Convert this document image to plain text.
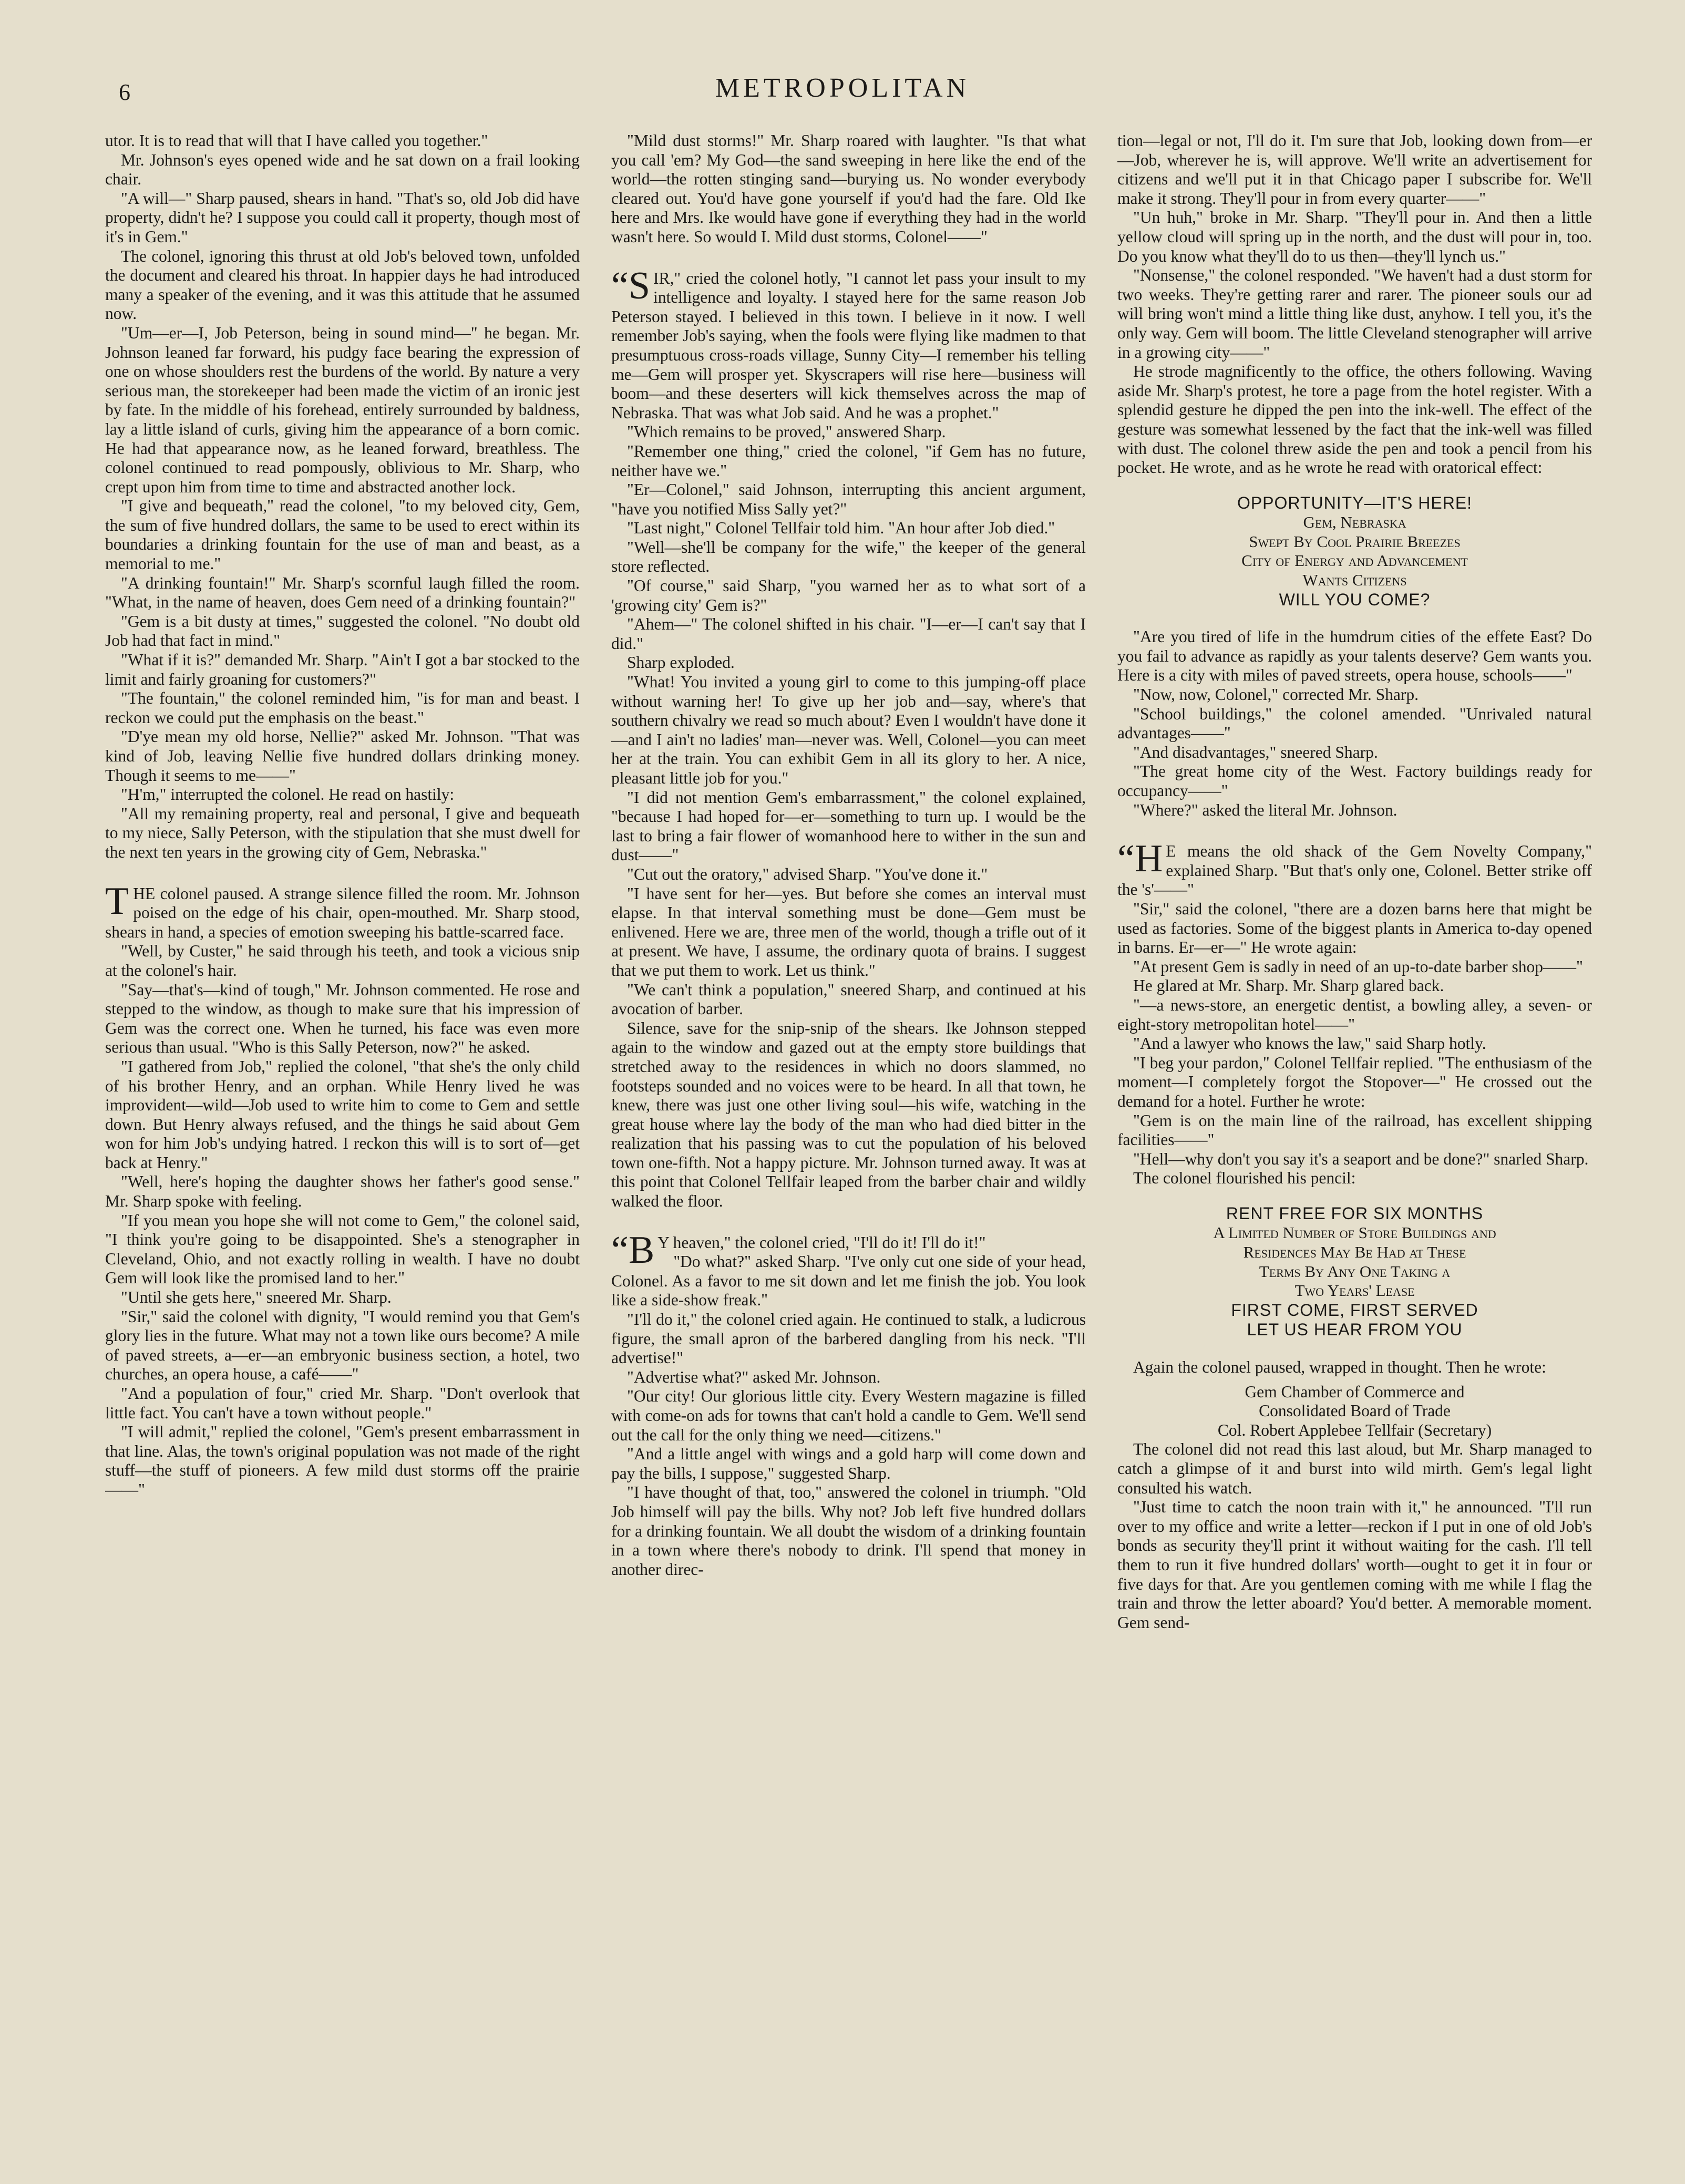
6	METROPOLITAN

utor. It is to read that will that I have called you together."

Mr. Johnson's eyes opened wide and he sat down on a frail looking chair.

"A will—" Sharp paused, shears in hand. "That's so, old Job did have property, didn't he? I suppose you could call it property, though most of it's in Gem."

The colonel, ignoring this thrust at old Job's beloved town, unfolded the document and cleared his throat. In happier days he had introduced many a speaker of the evening, and it was this attitude that he assumed now.

"Um—er—I, Job Peterson, being in sound mind—" he began. Mr. Johnson leaned far forward, his pudgy face bearing the expression of one on whose shoulders rest the burdens of the world. By nature a very serious man, the storekeeper had been made the victim of an ironic jest by fate. In the middle of his forehead, entirely surrounded by baldness, lay a little island of curls, giving him the appearance of a born comic. He had that appearance now, as he leaned forward, breathless. The colonel continued to read pompously, oblivious to Mr. Sharp, who crept upon him from time to time and abstracted another lock.

"I give and bequeath," read the colonel, "to my beloved city, Gem, the sum of five hundred dollars, the same to be used to erect within its boundaries a drinking fountain for the use of man and beast, as a memorial to me."

"A drinking fountain!" Mr. Sharp's scornful laugh filled the room. "What, in the name of heaven, does Gem need of a drinking fountain?"

"Gem is a bit dusty at times," suggested the colonel. "No doubt old Job had that fact in mind."

"What if it is?" demanded Mr. Sharp. "Ain't I got a bar stocked to the limit and fairly groaning for customers?"

"The fountain," the colonel reminded him, "is for man and beast. I reckon we could put the emphasis on the beast."

"D'ye mean my old horse, Nellie?" asked Mr. Johnson. "That was kind of Job, leaving Nellie five hundred dollars drinking money. Though it seems to me——"

"H'm," interrupted the colonel. He read on hastily:

"All my remaining property, real and personal, I give and bequeath to my niece, Sally Peterson, with the stipulation that she must dwell for the next ten years in the growing city of Gem, Nebraska."

THE colonel paused. A strange silence filled the room. Mr. Johnson poised on the edge of his chair, open-mouthed. Mr. Sharp stood, shears in hand, a species of emotion sweeping his battle-scarred face.

"Well, by Custer," he said through his teeth, and took a vicious snip at the colonel's hair.

"Say—that's—kind of tough," Mr. Johnson commented. He rose and stepped to the window, as though to make sure that his impression of Gem was the correct one. When he turned, his face was even more serious than usual. "Who is this Sally Peterson, now?" he asked.

"I gathered from Job," replied the colonel, "that she's the only child of his brother Henry, and an orphan. While Henry lived he was improvident—wild—Job used to write him to come to Gem and settle down. But Henry always refused, and the things he said about Gem won for him Job's undying hatred. I reckon this will is to sort of—get back at Henry."

"Well, here's hoping the daughter shows her father's good sense." Mr. Sharp spoke with feeling.

"If you mean you hope she will not come to Gem," the colonel said, "I think you're going to be disappointed. She's a stenographer in Cleveland, Ohio, and not exactly rolling in wealth. I have no doubt Gem will look like the promised land to her."

"Until she gets here," sneered Mr. Sharp.

"Sir," said the colonel with dignity, "I would remind you that Gem's glory lies in the future. What may not a town like ours become? A mile of paved streets, a—er—an embryonic business section, a hotel, two churches, an opera house, a café——"

"And a population of four," cried Mr. Sharp. "Don't overlook that little fact. You can't have a town without people."

"I will admit," replied the colonel, "Gem's present embarrassment in that line. Alas, the town's original population was not made of the right stuff—the stuff of pioneers. A few mild dust storms off the prairie——"

"Mild dust storms!" Mr. Sharp roared with laughter. "Is that what you call 'em? My God—the sand sweeping in here like the end of the world—the rotten stinging sand—burying us. No wonder everybody cleared out. You'd have gone yourself if you'd had the fare. Old Ike here and Mrs. Ike would have gone if everything they had in the world wasn't here. So would I. Mild dust storms, Colonel——"

“SIR," cried the colonel hotly, "I cannot let pass your insult to my intelligence and loyalty. I stayed here for the same reason Job Peterson stayed. I believed in this town. I believe in it now. I well remember Job's saying, when the fools were flying like madmen to that presumptuous cross-roads village, Sunny City—I remember his telling me—Gem will prosper yet. Skyscrapers will rise here—business will boom—and these deserters will kick themselves across the map of Nebraska. That was what Job said. And he was a prophet."

"Which remains to be proved," answered Sharp.

"Remember one thing," cried the colonel, "if Gem has no future, neither have we."

"Er—Colonel," said Johnson, interrupting this ancient argument, "have you notified Miss Sally yet?"

"Last night," Colonel Tellfair told him. "An hour after Job died."

"Well—she'll be company for the wife," the keeper of the general store reflected.

"Of course," said Sharp, "you warned her as to what sort of a 'growing city' Gem is?"

"Ahem—" The colonel shifted in his chair. "I—er—I can't say that I did."

Sharp exploded.

"What! You invited a young girl to come to this jumping-off place without warning her! To give up her job and—say, where's that southern chivalry we read so much about? Even I wouldn't have done it—and I ain't no ladies' man—never was. Well, Colonel—you can meet her at the train. You can exhibit Gem in all its glory to her. A nice, pleasant little job for you."

"I did not mention Gem's embarrassment," the colonel explained, "because I had hoped for—er—something to turn up. I would be the last to bring a fair flower of womanhood here to wither in the sun and dust——"

"Cut out the oratory," advised Sharp. "You've done it."

"I have sent for her—yes. But before she comes an interval must elapse. In that interval something must be done—Gem must be enlivened. Here we are, three men of the world, though a trifle out of it at present. We have, I assume, the ordinary quota of brains. I suggest that we put them to work. Let us think."

"We can't think a population," sneered Sharp, and continued at his avocation of barber.

Silence, save for the snip-snip of the shears. Ike Johnson stepped again to the window and gazed out at the empty store buildings that stretched away to the residences in which no doors slammed, no footsteps sounded and no voices were to be heard. In all that town, he knew, there was just one other living soul—his wife, watching in the great house where lay the body of the man who had died bitter in the realization that his passing was to cut the population of his beloved town one-fifth. Not a happy picture. Mr. Johnson turned away. It was at this point that Colonel Tellfair leaped from the barber chair and wildly walked the floor.

“B Y heaven," the colonel cried, "I'll do it! I'll do it!"

"Do what?" asked Sharp. "I've only cut one side of your head, Colonel. As a favor to me sit down and let me finish the job. You look like a side-show freak."

"I'll do it," the colonel cried again. He continued to stalk, a ludicrous figure, the small apron of the barbered dangling from his neck. "I'll advertise!"

"Advertise what?" asked Mr. Johnson.

"Our city! Our glorious little city. Every Western magazine is filled with come-on ads for towns that can't hold a candle to Gem. We'll send out the call for the only thing we need—citizens."

"And a little angel with wings and a gold harp will come down and pay the bills, I suppose," suggested Sharp.

"I have thought of that, too," answered the colonel in triumph. "Old Job himself will pay the bills. Why not? Job left five hundred dollars for a drinking fountain. We all doubt the wisdom of a drinking fountain in a town where there's nobody to drink. I'll spend that money in another direc-

tion—legal or not, I'll do it. I'm sure that Job, looking down from—er—Job, wherever he is, will approve. We'll write an advertisement for citizens and we'll put it in that Chicago paper I subscribe for. We'll make it strong. They'll pour in from every quarter——"

"Un huh," broke in Mr. Sharp. "They'll pour in. And then a little yellow cloud will spring up in the north, and the dust will pour in, too. Do you know what they'll do to us then—they'll lynch us."

"Nonsense," the colonel responded. "We haven't had a dust storm for two weeks. They're getting rarer and rarer. The pioneer souls our ad will bring won't mind a little thing like dust, anyhow. I tell you, it's the only way. Gem will boom. The little Cleveland stenographer will arrive in a growing city——"

He strode magnificently to the office, the others following. Waving aside Mr. Sharp's protest, he tore a page from the hotel register. With a splendid gesture he dipped the pen into the ink-well. The effect of the gesture was somewhat lessened by the fact that the ink-well was filled with dust. The colonel threw aside the pen and took a pencil from his pocket. He wrote, and as he wrote he read with oratorical effect:

OPPORTUNITY—IT'S HERE!
Gem, Nebraska
Swept By Cool Prairie Breezes
City of Energy and Advancement
Wants Citizens
WILL YOU COME?

"Are you tired of life in the humdrum cities of the effete East? Do you fail to advance as rapidly as your talents deserve? Gem wants you. Here is a city with miles of paved streets, opera house, schools——"

"Now, now, Colonel," corrected Mr. Sharp.

"School buildings," the colonel amended. "Unrivaled natural advantages——"

"And disadvantages," sneered Sharp.

"The great home city of the West. Factory buildings ready for occupancy——"

"Where?" asked the literal Mr. Johnson.

“H E means the old shack of the Gem Novelty Company," explained Sharp. "But that's only one, Colonel. Better strike off the 's'——"

"Sir," said the colonel, "there are a dozen barns here that might be used as factories. Some of the biggest plants in America to-day opened in barns. Er—er—" He wrote again:

"At present Gem is sadly in need of an up-to-date barber shop——"

He glared at Mr. Sharp. Mr. Sharp glared back.

"—a news-store, an energetic dentist, a bowling alley, a seven- or eight-story metropolitan hotel——"

"And a lawyer who knows the law," said Sharp hotly.

"I beg your pardon," Colonel Tellfair replied. "The enthusiasm of the moment—I completely forgot the Stopover—" He crossed out the demand for a hotel. Further he wrote:

"Gem is on the main line of the railroad, has excellent shipping facilities——"

"Hell—why don't you say it's a seaport and be done?" snarled Sharp.

The colonel flourished his pencil:

RENT FREE FOR SIX MONTHS
A Limited Number of Store Buildings and
Residences May Be Had at These
Terms By Any One Taking a
Two Years' Lease
FIRST COME, FIRST SERVED
LET US HEAR FROM YOU

Again the colonel paused, wrapped in thought. Then he wrote:

Gem Chamber of Commerce and
Consolidated Board of Trade
Col. Robert Applebee Tellfair (Secretary)

The colonel did not read this last aloud, but Mr. Sharp managed to catch a glimpse of it and burst into wild mirth. Gem's legal light consulted his watch.

"Just time to catch the noon train with it," he announced. "I'll run over to my office and write a letter—reckon if I put in one of old Job's bonds as security they'll print it without waiting for the cash. I'll tell them to run it five hundred dollars' worth—ought to get it in four or five days for that. Are you gentlemen coming with me while I flag the train and throw the letter aboard? You'd better. A memorable moment. Gem send-
